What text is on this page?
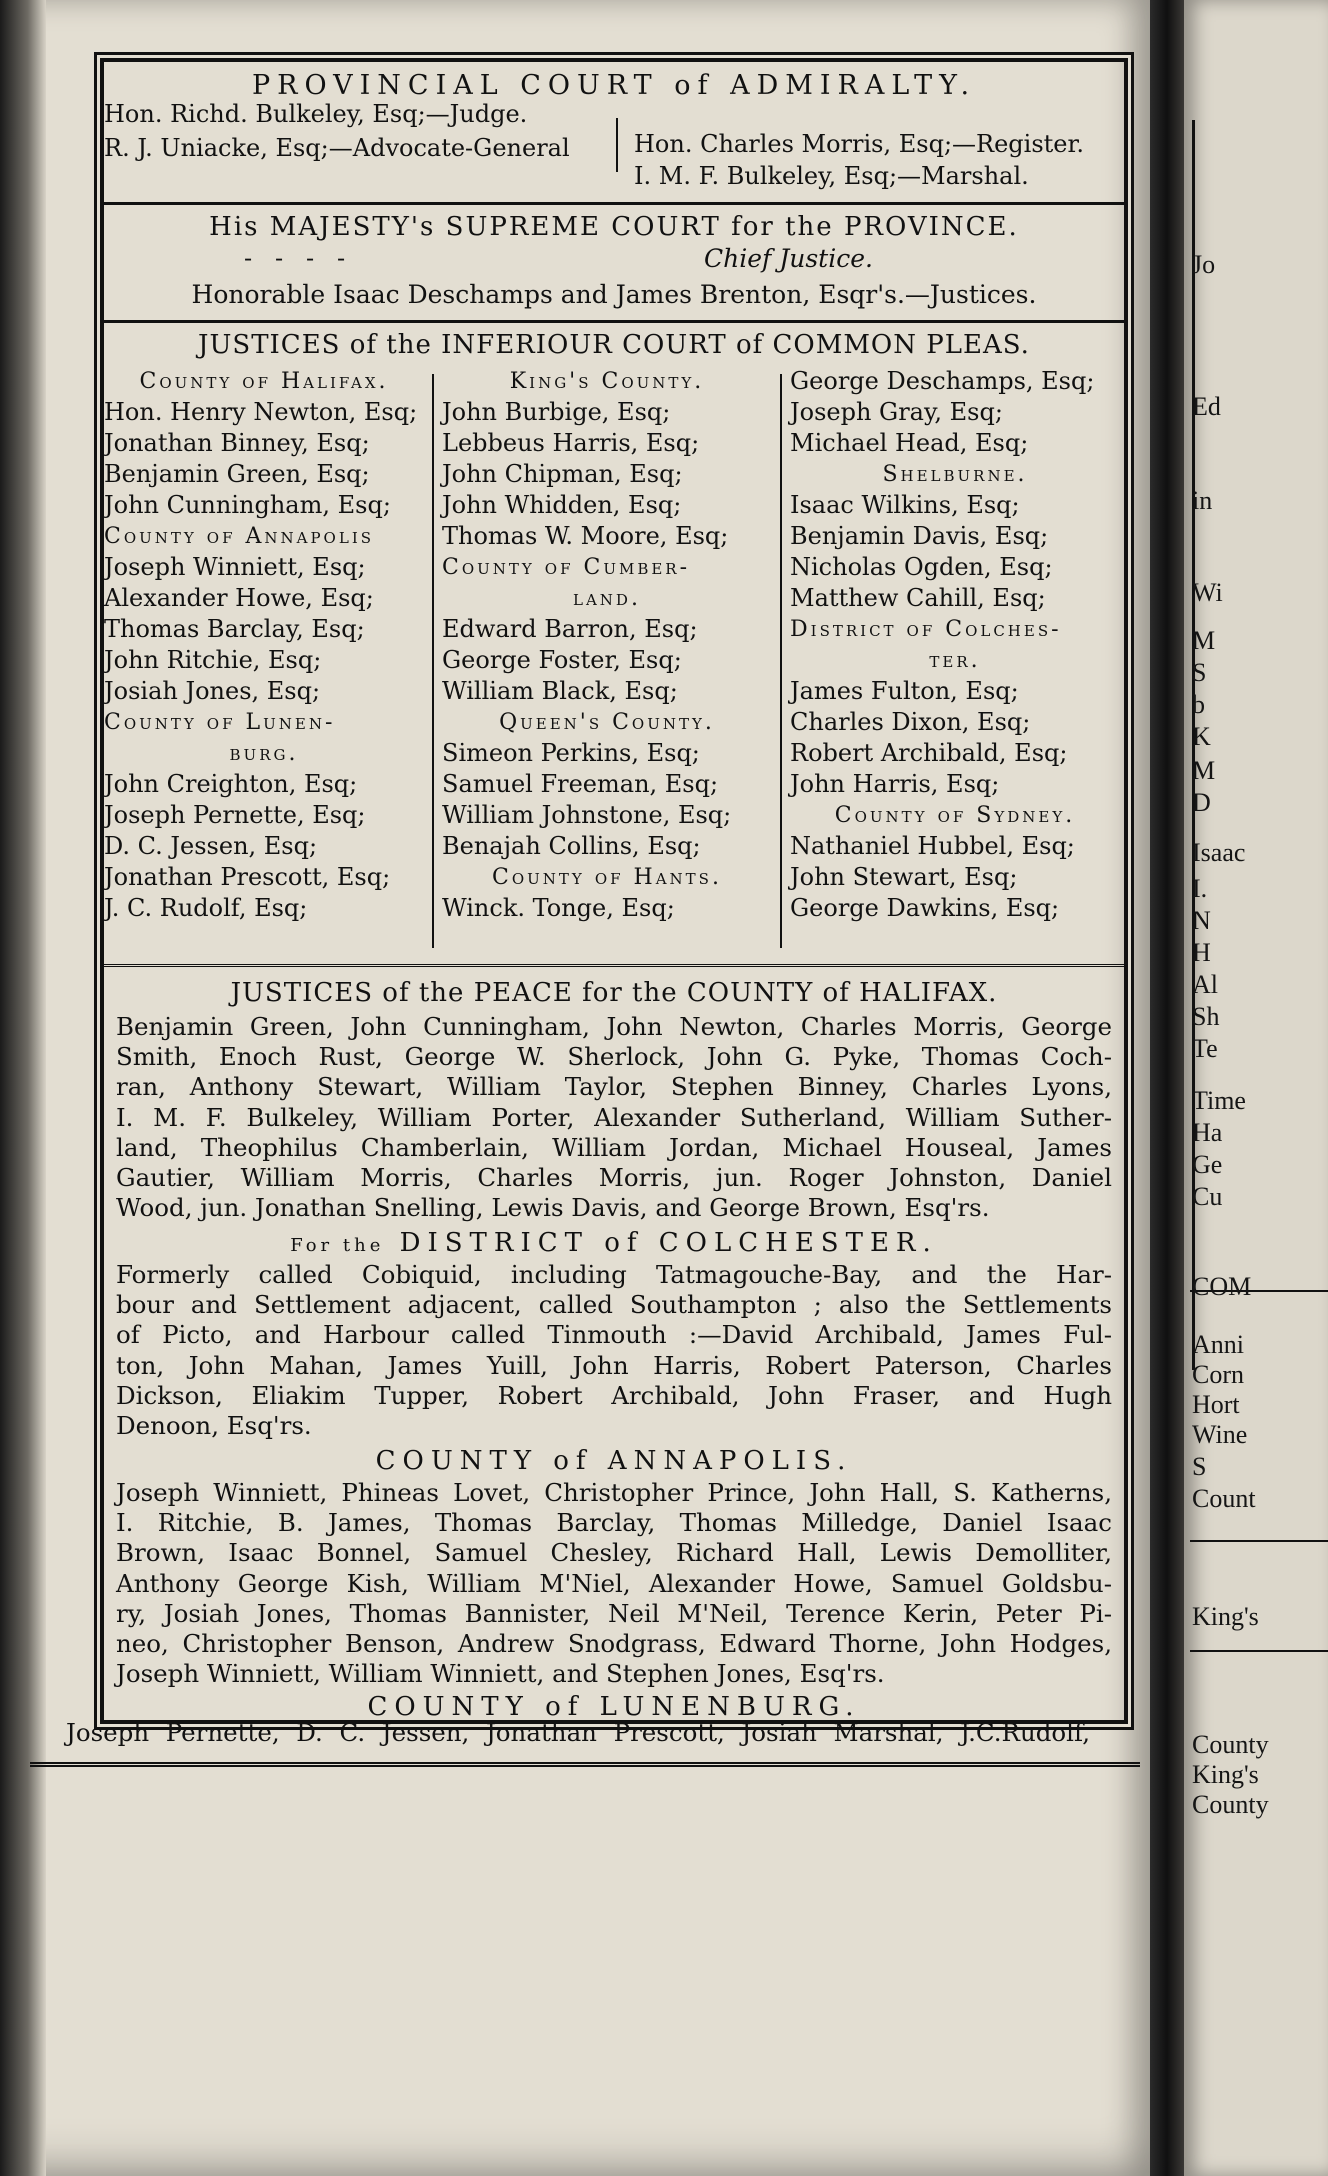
PROVINCIAL COURT of ADMIRALTY.
Hon. Richd. Bulkeley, Esq;—Judge.
R. J. Uniacke, Esq;—Advocate-General	Hon. Charles Morris, Esq;—Register.
I. M. F. Bulkeley, Esq;—Marshal.
His MAJESTY's SUPREME COURT for the PROVINCE.
-   -   -   -	Chief Justice.
Honorable Isaac Deschamps and James Brenton, Esqr's.—Justices.
JUSTICES of the INFERIOUR COURT of COMMON PLEAS.
County of Halifax.
Hon. Henry Newton, Esq;
Jonathan Binney, Esq;
Benjamin Green, Esq;
John Cunningham, Esq;
County of Annapolis
Joseph Winniett, Esq;
Alexander Howe, Esq;
Thomas Barclay, Esq;
John Ritchie, Esq;
Josiah Jones, Esq;
County of Lunen-
burg.
John Creighton, Esq;
Joseph Pernette, Esq;
D. C. Jessen, Esq;
Jonathan Prescott, Esq;
J. C. Rudolf, Esq;
King's County.
John Burbige, Esq;
Lebbeus Harris, Esq;
John Chipman, Esq;
John Whidden, Esq;
Thomas W. Moore, Esq;
County of Cumber-
land.
Edward Barron, Esq;
George Foster, Esq;
William Black, Esq;
Queen's County.
Simeon Perkins, Esq;
Samuel Freeman, Esq;
William Johnstone, Esq;
Benajah Collins, Esq;
County of Hants.
Winck. Tonge, Esq;
George Deschamps, Esq;
Joseph Gray, Esq;
Michael Head, Esq;
Shelburne.
Isaac Wilkins, Esq;
Benjamin Davis, Esq;
Nicholas Ogden, Esq;
Matthew Cahill, Esq;
District of Colches-
ter.
James Fulton, Esq;
Charles Dixon, Esq;
Robert Archibald, Esq;
John Harris, Esq;
County of Sydney.
Nathaniel Hubbel, Esq;
John Stewart, Esq;
George Dawkins, Esq;
JUSTICES of the PEACE for the COUNTY of HALIFAX.
Benjamin Green, John Cunningham, John Newton, Charles Morris, George
Smith, Enoch Rust, George W. Sherlock, John G. Pyke, Thomas Coch-
ran, Anthony Stewart, William Taylor, Stephen Binney, Charles Lyons,
I. M. F. Bulkeley, William Porter, Alexander Sutherland, William Suther-
land, Theophilus Chamberlain, William Jordan, Michael Houseal, James
Gautier, William Morris, Charles Morris, jun. Roger Johnston, Daniel
Wood, jun. Jonathan Snelling, Lewis Davis, and George Brown, Esq'rs.
For the DISTRICT of COLCHESTER.
Formerly called Cobiquid, including Tatmagouche-Bay, and the Har-
bour and Settlement adjacent, called Southampton ; also the Settlements
of Picto, and Harbour called Tinmouth :—David Archibald, James Ful-
ton, John Mahan, James Yuill, John Harris, Robert Paterson, Charles
Dickson, Eliakim Tupper, Robert Archibald, John Fraser, and Hugh
Denoon, Esq'rs.
COUNTY of ANNAPOLIS.
Joseph Winniett, Phineas Lovet, Christopher Prince, John Hall, S. Katherns,
I. Ritchie, B. James, Thomas Barclay, Thomas Milledge, Daniel Isaac
Brown, Isaac Bonnel, Samuel Chesley, Richard Hall, Lewis Demolliter,
Anthony George Kish, William M'Niel, Alexander Howe, Samuel Goldsbu-
ry, Josiah Jones, Thomas Bannister, Neil M'Neil, Terence Kerin, Peter Pi-
neo, Christopher Benson, Andrew Snodgrass, Edward Thorne, John Hodges,
Joseph Winniett, William Winniett, and Stephen Jones, Esq'rs.
COUNTY of LUNENBURG.
Joseph Pernette, D. C. Jessen, Jonathan Prescott, Josiah Marshal, J.C.Rudolf,
Jo
Ed
in
Wi
M
S
b
K
M
D
Isaac
I.
N
H
Al
Sh
Te
Time
Ha
Ge
Cu
COM
Anni
Corn
Hort
Wine
S
Count
King's
County
King's
County
